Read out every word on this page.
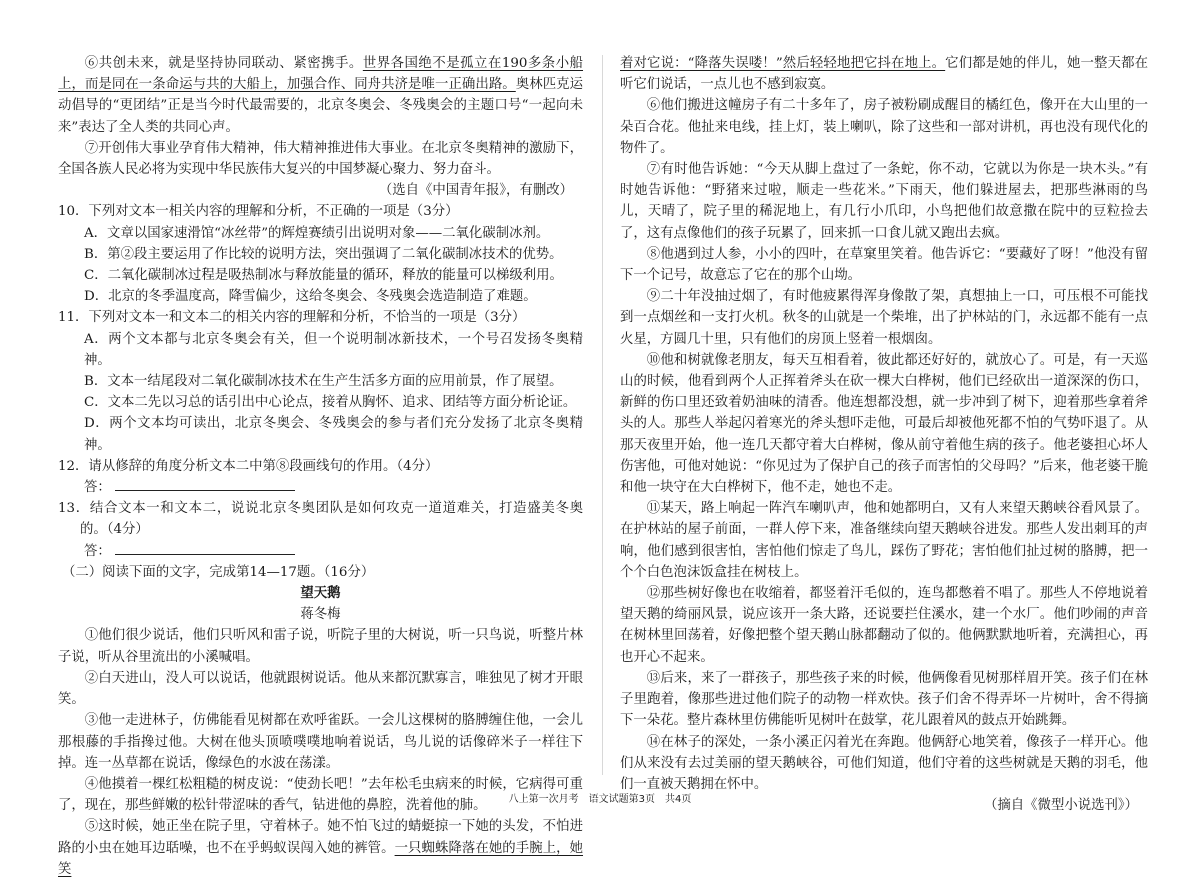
⑥共创未来，就是坚持协同联动、紧密携手。世界各国绝不是孤立在190多条小船上，而是同在一条命运与共的大船上，加强合作、同舟共济是唯一正确出路。奥林匹克运动倡导的“更团结”正是当今时代最需要的，北京冬奥会、冬残奥会的主题口号“一起向未来”表达了全人类的共同心声。

⑦开创伟大事业孕育伟大精神，伟大精神推进伟大事业。在北京冬奥精神的激励下，全国各族人民必将为实现中华民族伟大复兴的中国梦凝心聚力、努力奋斗。

（选自《中国青年报》，有删改）

10．下列对文本一相关内容的理解和分析，不正确的一项是（3分）

A．文章以国家速滑馆“冰丝带”的辉煌赛绩引出说明对象——二氧化碳制冰剂。

B．第②段主要运用了作比较的说明方法，突出强调了二氧化碳制冰技术的优势。

C．二氧化碳制冰过程是吸热制冰与释放能量的循环，释放的能量可以梯级利用。

D．北京的冬季温度高，降雪偏少，这给冬奥会、冬残奥会选造制造了难题。

11．下列对文本一和文本二的相关内容的理解和分析，不恰当的一项是（3分）

A．两个文本都与北京冬奥会有关，但一个说明制冰新技术，一个号召发扬冬奥精神。

B．文本一结尾段对二氧化碳制冰技术在生产生活多方面的应用前景，作了展望。

C．文本二先以习总的话引出中心论点，接着从胸怀、追求、团结等方面分析论证。

D．两个文本均可读出，北京冬奥会、冬残奥会的参与者们充分发扬了北京冬奥精神。

12．请从修辞的角度分析文本二中第⑧段画线句的作用。（4分）

答：

13．结合文本一和文本二，说说北京冬奥团队是如何攻克一道道难关，打造盛美冬奥的。（4分）

答：

（二）阅读下面的文字，完成第14—17题。（16分）

望天鹅

蒋冬梅

①他们很少说话，他们只听风和雷子说，听院子里的大树说，听一只鸟说，听整片林子说，听从谷里流出的小溪喊唱。

②白天进山，没人可以说话，他就跟树说话。他从来都沉默寡言，唯独见了树才开眼笑。

③他一走进林子，仿佛能看见树都在欢呼雀跃。一会儿这棵树的胳膊缠住他，一会儿那根藤的手指搀过他。大树在他头顶喷噗噗地响着说话，鸟儿说的话像碎米子一样往下掉。连一丛草都在说话，像绿色的水波在荡漾。

④他摸着一棵红松粗糙的树皮说：“使劲长吧！”去年松毛虫病来的时候，它病得可重了，现在，那些鲜嫩的松针带涩味的香气，钻进他的鼻腔，洗着他的肺。

⑤这时候，她正坐在院子里，守着林子。她不怕飞过的蜻蜓掠一下她的头发，不怕进路的小虫在她耳边聒噪，也不在乎蚂蚁误闯入她的裤管。一只蜘蛛降落在她的手腕上，她笑

着对它说：“降落失误喽！”然后轻轻地把它抖在地上。它们都是她的伴儿，她一整天都在听它们说话，一点儿也不感到寂寞。

⑥他们搬进这幢房子有二十多年了，房子被粉刷成醒目的橘红色，像开在大山里的一朵百合花。他扯来电线，挂上灯，装上喇叭，除了这些和一部对讲机，再也没有现代化的物件了。

⑦有时他告诉她：“今天从脚上盘过了一条蛇，你不动，它就以为你是一块木头。”有时她告诉他：“野猪来过啦，顺走一些花米。”下雨天，他们躲进屋去，把那些淋雨的鸟儿，天晴了，院子里的稀泥地上，有几行小爪印，小鸟把他们故意撒在院中的豆粒捡去了，这有点像他们的孩子玩累了，回来抓一口食儿就又跑出去疯。

⑧他遇到过人参，小小的四叶，在草窠里笑着。他告诉它：“要藏好了呀！”他没有留下一个记号，故意忘了它在的那个山坳。

⑨二十年没抽过烟了，有时他疲累得浑身像散了架，真想抽上一口，可压根不可能找到一点烟丝和一支打火机。秋冬的山就是一个柴堆，出了护林站的门，永远都不能有一点火星，方圆几十里，只有他们的房顶上竖着一根烟囱。

⑩他和树就像老朋友，每天互相看着，彼此都还好好的，就放心了。可是，有一天巡山的时候，他看到两个人正挥着斧头在砍一棵大白桦树，他们已经砍出一道深深的伤口，新鲜的伤口里还致着奶油味的清香。他连想都没想，就一步冲到了树下，迎着那些拿着斧头的人。那些人举起闪着寒光的斧头想吓走他，可最后却被他死都不怕的气势吓退了。从那天夜里开始，他一连几天都守着大白桦树，像从前守着他生病的孩子。他老婆担心坏人伤害他，可他对她说：“你见过为了保护自己的孩子而害怕的父母吗？”后来，他老婆干脆和他一块守在大白桦树下，他不走，她也不走。

⑪某天，路上响起一阵汽车喇叭声，他和她都明白，又有人来望天鹅峡谷看风景了。在护林站的屋子前面，一群人停下来，准备继续向望天鹅峡谷进发。那些人发出刺耳的声响，他们感到很害怕，害怕他们惊走了鸟儿，踩伤了野花；害怕他们扯过树的胳膊，把一个个白色泡沫饭盒挂在树枝上。

⑫那些树好像也在收缩着，都竖着汗毛似的，连鸟都憋着不唱了。那些人不停地说着望天鹅的绮丽风景，说应该开一条大路，还说要拦住溪水，建一个水厂。他们吵闹的声音在树林里回荡着，好像把整个望天鹅山脉都翻动了似的。他俩默默地听着，充满担心，再也开心不起来。

⑬后来，来了一群孩子，那些孩子来的时候，他俩像看见树那样眉开笑。孩子们在林子里跑着，像那些进过他们院子的动物一样欢快。孩子们舍不得弄坏一片树叶，舍不得摘下一朵花。整片森林里仿佛能听见树叶在鼓掌，花儿跟着风的鼓点开始跳舞。

⑭在林子的深处，一条小溪正闪着光在奔跑。他俩舒心地笑着，像孩子一样开心。他们从来没有去过美丽的望天鹅峡谷，可他们知道，他们守着的这些树就是天鹅的羽毛，他们一直被天鹅拥在怀中。

（摘自《微型小说选刊》）

八上第一次月考　语文试题第3页　共4页
